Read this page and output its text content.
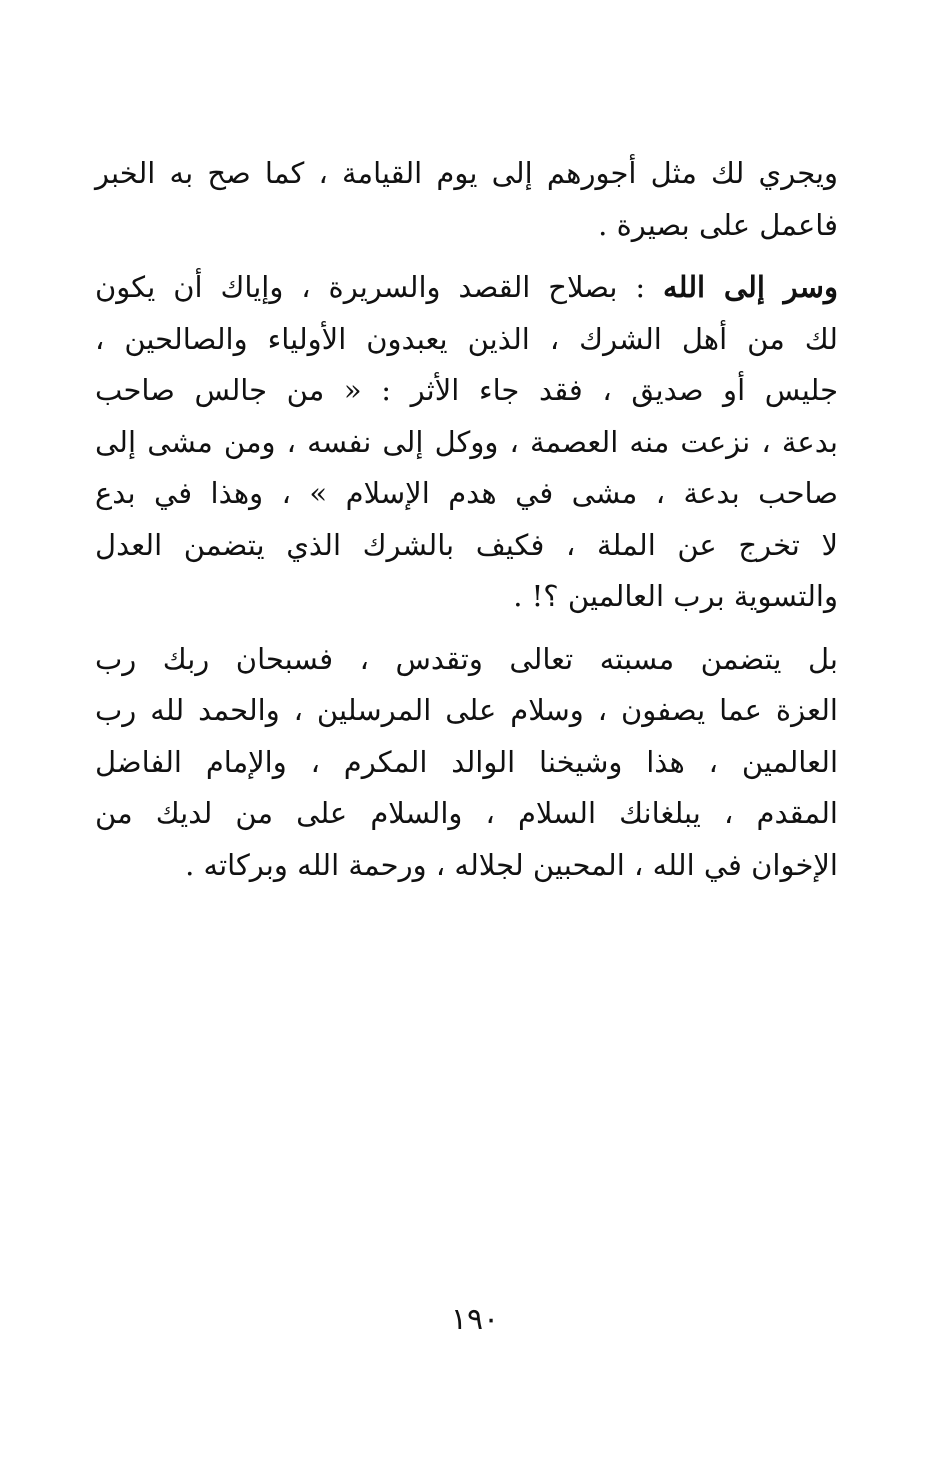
ويجري لك مثل أجورهم إلى يوم القيامة ، كما صح به الخبر
فاعمل على بصيرة .

وسر إلى الله : بصلاح القصد والسريرة ، وإياك أن يكون
لك من أهل الشرك ، الذين يعبدون الأولياء والصالحين ،
جليس أو صديق ، فقد جاء الأثر : « من جالس صاحب
بدعة ، نزعت منه العصمة ، ووكل إلى نفسه ، ومن مشى إلى
صاحب بدعة ، مشى في هدم الإسلام » ، وهذا في بدع
لا تخرج عن الملة ، فكيف بالشرك الذي يتضمن العدل
والتسوية برب العالمين ؟! .

بل يتضمن مسبته تعالى وتقدس ، فسبحان ربك رب
العزة عما يصفون ، وسلام على المرسلين ، والحمد لله رب
العالمين ، هذا وشيخنا الوالد المكرم ، والإمام الفاضل
المقدم ، يبلغانك السلام ، والسلام على من لديك من
الإخوان في الله ، المحبين لجلاله ، ورحمة الله وبركاته .

١٩٠
